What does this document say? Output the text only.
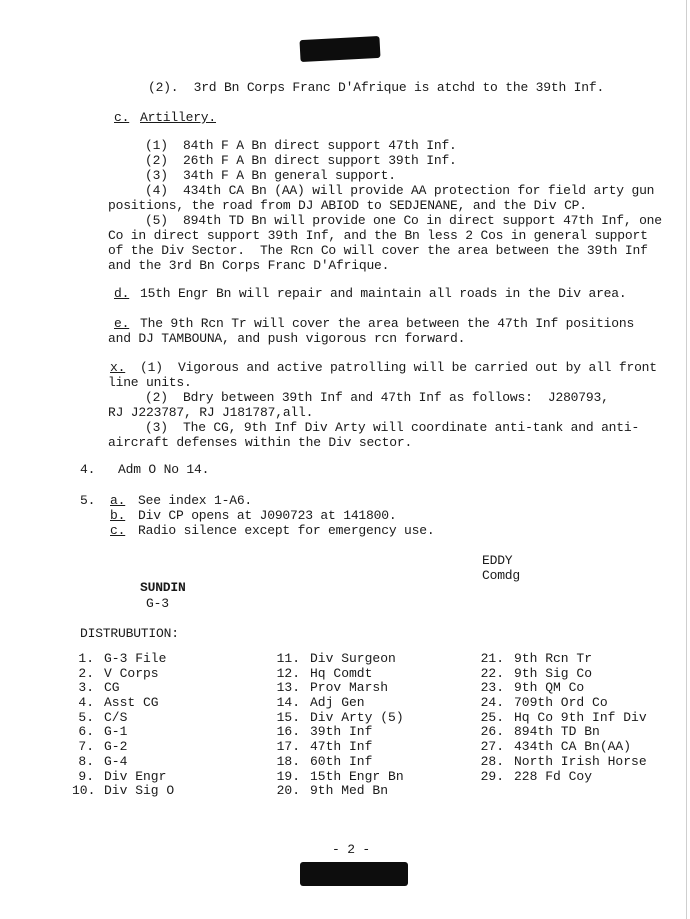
(2).  3rd Bn Corps Franc D'Afrique is atchd to the 39th Inf.
c. Artillery.
(1)  84th F A Bn direct support 47th Inf.
(2)  26th F A Bn direct support 39th Inf.
(3)  34th F A Bn general support.
(4)  434th CA Bn (AA) will provide AA protection for field arty gun
positions, the road from DJ ABIOD to SEDJENANE, and the Div CP.
(5)  894th TD Bn will provide one Co in direct support 47th Inf, one
Co in direct support 39th Inf, and the Bn less 2 Cos in general support
of the Div Sector.  The Rcn Co will cover the area between the 39th Inf
and the 3rd Bn Corps Franc D'Afrique.
d. 15th Engr Bn will repair and maintain all roads in the Div area.
e. The 9th Rcn Tr will cover the area between the 47th Inf positions
and DJ TAMBOUNA, and push vigorous rcn forward.
x. (1)  Vigorous and active patrolling will be carried out by all front
line units.
(2)  Bdry between 39th Inf and 47th Inf as follows:  J280793,
RJ J223787, RJ J181787,all.
(3)  The CG, 9th Inf Div Arty will coordinate anti-tank and anti-
aircraft defenses within the Div sector.
4.   Adm O No 14.
5. a. See index 1-A6.
b. Div CP opens at J090723 at 141800.
c. Radio silence except for emergency use.
EDDY
Comdg
SUNDIN
G-3
DISTRUBUTION:
1. G-3 File
2. V Corps
3. CG
4. Asst CG
5. C/S
6. G-1
7. G-2
8. G-4
9. Div Engr
10. Div Sig O
11. Div Surgeon
12. Hq Comdt
13. Prov Marsh
14. Adj Gen
15. Div Arty (5)
16. 39th Inf
17. 47th Inf
18. 60th Inf
19. 15th Engr Bn
20. 9th Med Bn
21. 9th Rcn Tr
22. 9th Sig Co
23. 9th QM Co
24. 709th Ord Co
25. Hq Co 9th Inf Div
26. 894th TD Bn
27. 434th CA Bn(AA)
28. North Irish Horse
29. 228 Fd Coy
- 2 -
